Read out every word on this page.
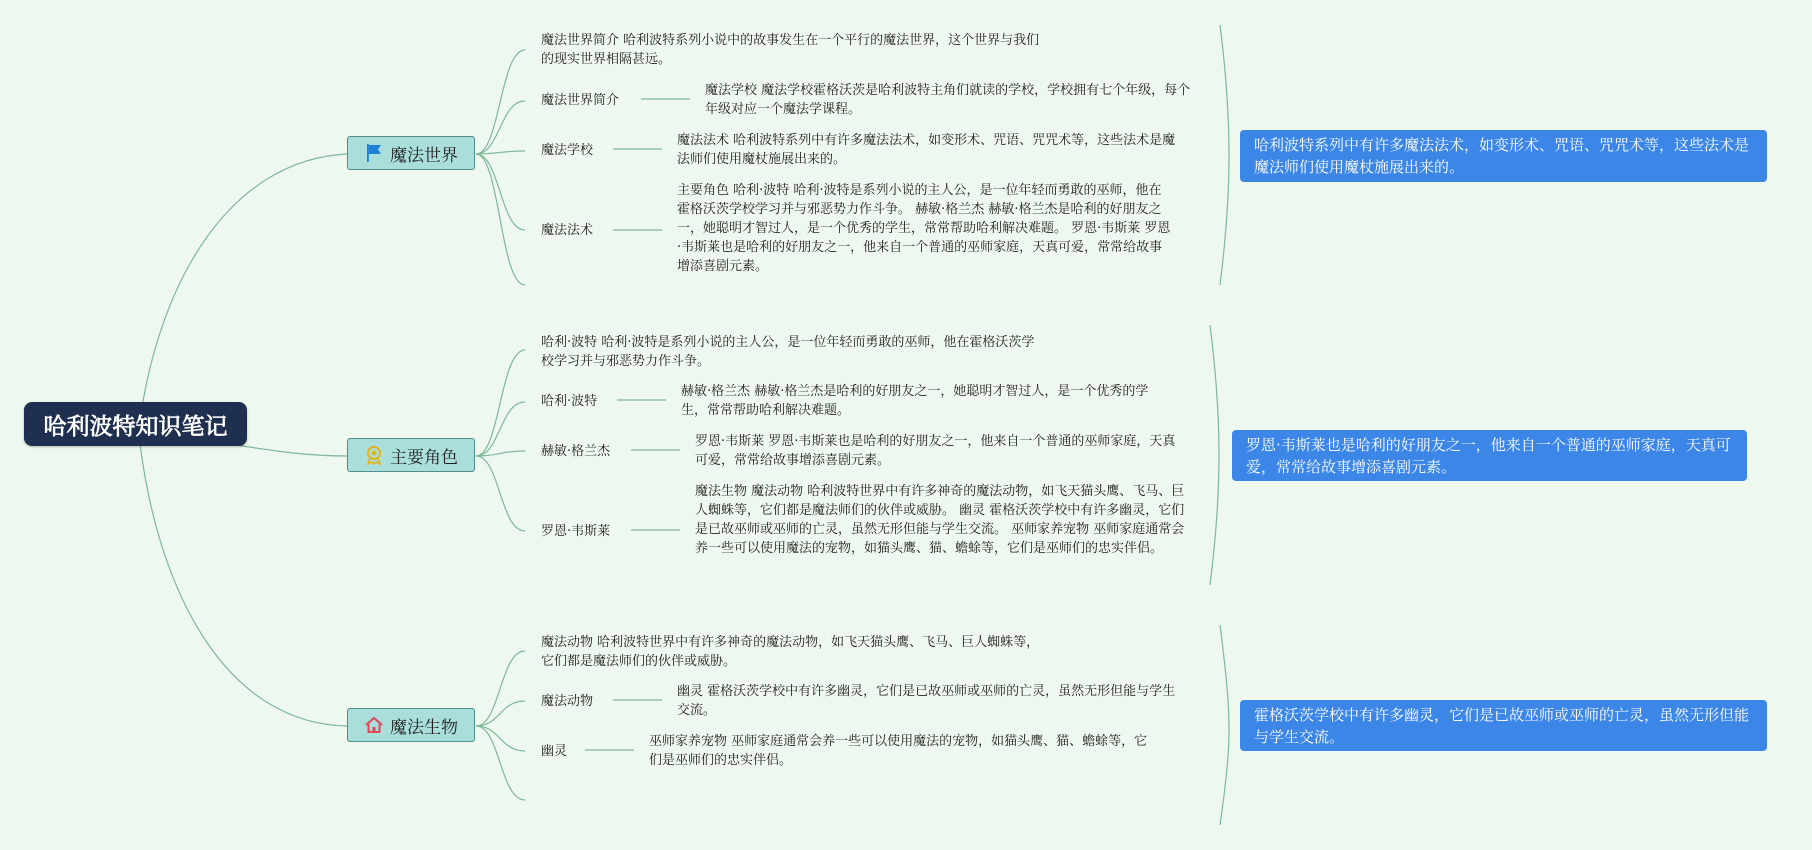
哈利波特知识笔记
魔法世界
主要角色
魔法生物
魔法世界简介 哈利波特系列小说中的故事发生在一个平行的魔法世界，这个世界与我们的现实世界相隔甚远。
魔法世界简介
魔法学校 魔法学校霍格沃茨是哈利波特主角们就读的学校，学校拥有七个年级，每个年级对应一个魔法学课程。
魔法学校
魔法法术 哈利波特系列中有许多魔法法术，如变形术、咒语、咒咒术等，这些法术是魔法师们使用魔杖施展出来的。
魔法法术
主要角色 哈利·波特 哈利·波特是系列小说的主人公，是一位年轻而勇敢的巫师，他在霍格沃茨学校学习并与邪恶势力作斗争。 赫敏·格兰杰 赫敏·格兰杰是哈利的好朋友之一，她聪明才智过人，是一个优秀的学生，常常帮助哈利解决难题。 罗恩·韦斯莱 罗恩·韦斯莱也是哈利的好朋友之一，他来自一个普通的巫师家庭，天真可爱，常常给故事增添喜剧元素。
哈利·波特 哈利·波特是系列小说的主人公，是一位年轻而勇敢的巫师，他在霍格沃茨学校学习并与邪恶势力作斗争。
哈利·波特
赫敏·格兰杰 赫敏·格兰杰是哈利的好朋友之一，她聪明才智过人，是一个优秀的学生，常常帮助哈利解决难题。
赫敏·格兰杰
罗恩·韦斯莱 罗恩·韦斯莱也是哈利的好朋友之一，他来自一个普通的巫师家庭，天真可爱，常常给故事增添喜剧元素。
罗恩·韦斯莱
魔法生物 魔法动物 哈利波特世界中有许多神奇的魔法动物，如飞天猫头鹰、飞马、巨人蜘蛛等，它们都是魔法师们的伙伴或威胁。 幽灵 霍格沃茨学校中有许多幽灵，它们是已故巫师或巫师的亡灵，虽然无形但能与学生交流。 巫师家养宠物 巫师家庭通常会养一些可以使用魔法的宠物，如猫头鹰、猫、蟾蜍等，它们是巫师们的忠实伴侣。
魔法动物 哈利波特世界中有许多神奇的魔法动物，如飞天猫头鹰、飞马、巨人蜘蛛等，它们都是魔法师们的伙伴或威胁。
魔法动物
幽灵 霍格沃茨学校中有许多幽灵，它们是已故巫师或巫师的亡灵，虽然无形但能与学生交流。
幽灵
巫师家养宠物 巫师家庭通常会养一些可以使用魔法的宠物，如猫头鹰、猫、蟾蜍等，它们是巫师们的忠实伴侣。
哈利波特系列中有许多魔法法术，如变形术、咒语、咒咒术等，这些法术是魔法师们使用魔杖施展出来的。
罗恩·韦斯莱也是哈利的好朋友之一，他来自一个普通的巫师家庭，天真可爱，常常给故事增添喜剧元素。
霍格沃茨学校中有许多幽灵，它们是已故巫师或巫师的亡灵，虽然无形但能与学生交流。
